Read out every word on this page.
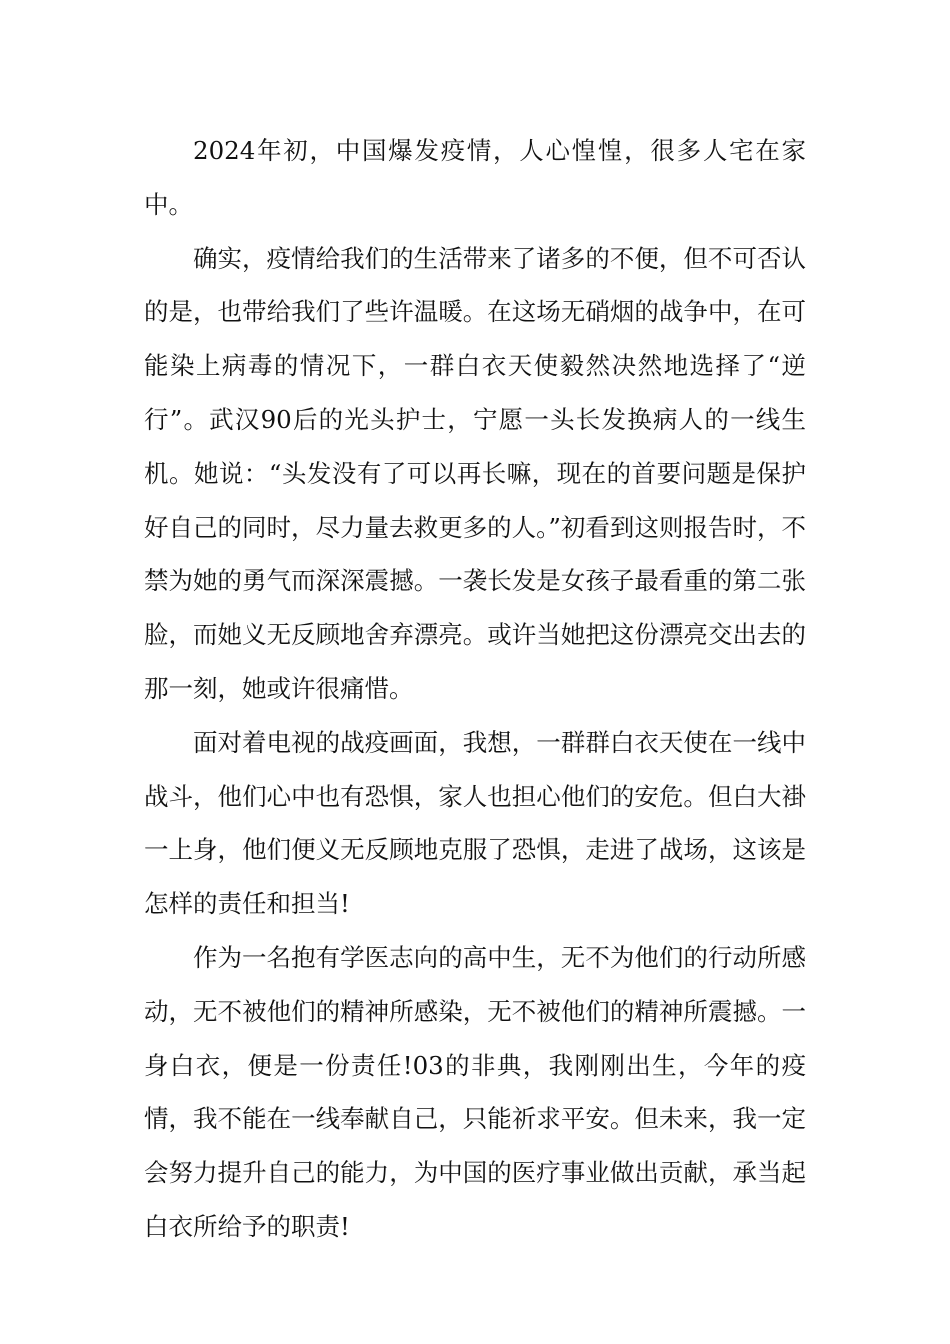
2024年初，中国爆发疫情，人心惶惶，很多人宅在家中。

确实，疫情给我们的生活带来了诸多的不便，但不可否认的是，也带给我们了些许温暖。在这场无硝烟的战争中，在可能染上病毒的情况下，一群白衣天使毅然决然地选择了“逆行”。武汉90后的光头护士，宁愿一头长发换病人的一线生机。她说：“头发没有了可以再长嘛，现在的首要问题是保护好自己的同时，尽力量去救更多的人。”初看到这则报告时，不禁为她的勇气而深深震撼。一袭长发是女孩子最看重的第二张脸，而她义无反顾地舍弃漂亮。或许当她把这份漂亮交出去的那一刻，她或许很痛惜。

面对着电视的战疫画面，我想，一群群白衣天使在一线中战斗，他们心中也有恐惧，家人也担心他们的安危。但白大褂一上身，他们便义无反顾地克服了恐惧，走进了战场，这该是怎样的责任和担当!

作为一名抱有学医志向的高中生，无不为他们的行动所感动，无不被他们的精神所感染，无不被他们的精神所震撼。一身白衣，便是一份责任!03的非典，我刚刚出生，今年的疫情，我不能在一线奉献自己，只能祈求平安。但未来，我一定会努力提升自己的能力，为中国的医疗事业做出贡献，承当起白衣所给予的职责!
